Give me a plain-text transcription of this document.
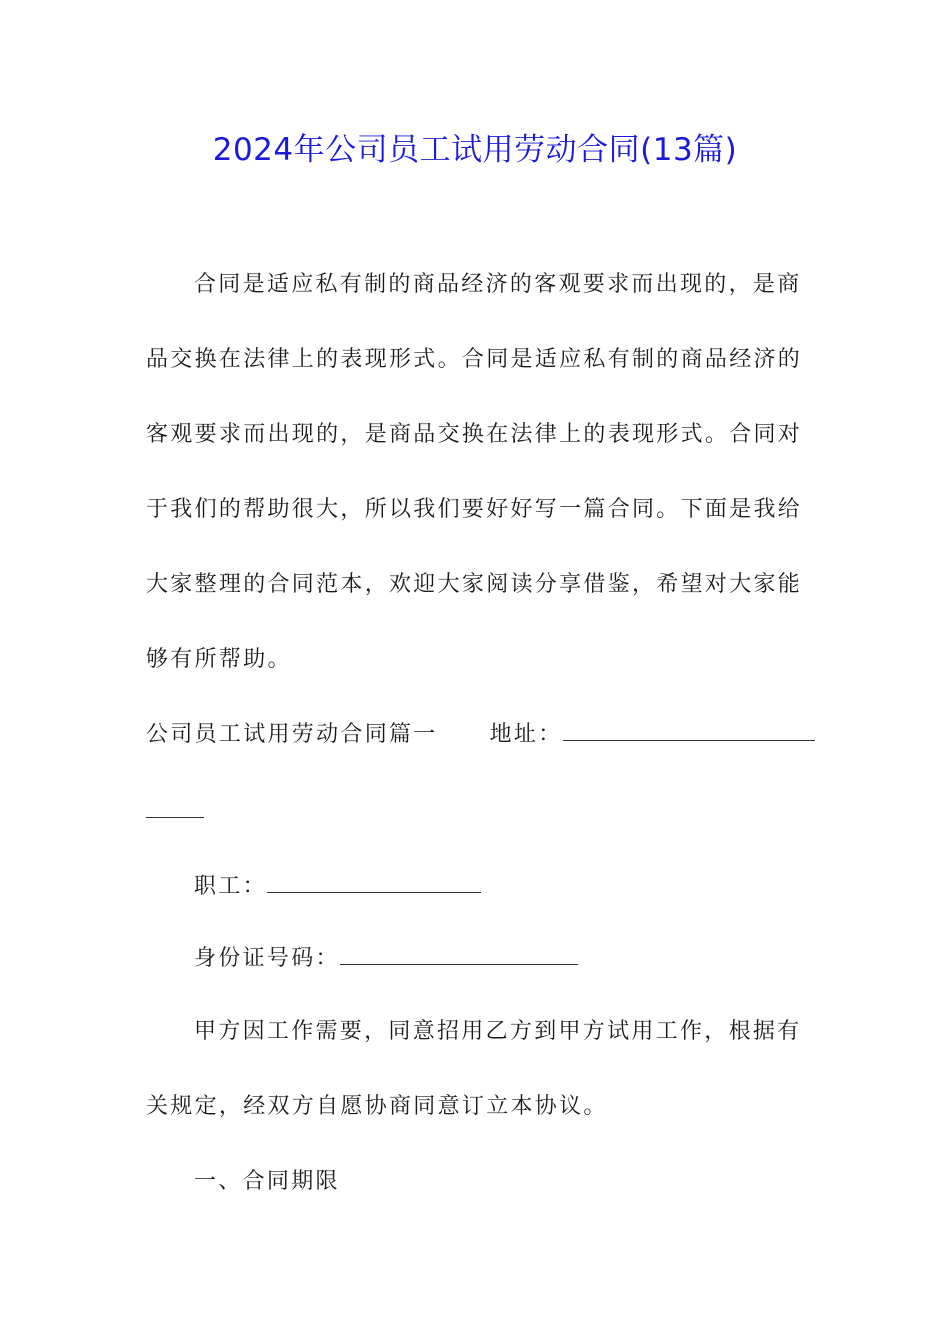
2024年公司员工试用劳动合同(13篇)
合同是适应私有制的商品经济的客观要求而出现的，是商
品交换在法律上的表现形式。合同是适应私有制的商品经济的
客观要求而出现的，是商品交换在法律上的表现形式。合同对
于我们的帮助很大，所以我们要好好写一篇合同。下面是我给
大家整理的合同范本，欢迎大家阅读分享借鉴，希望对大家能
够有所帮助。
公司员工试用劳动合同篇一 地址：
职工：
身份证号码：
甲方因工作需要，同意招用乙方到甲方试用工作，根据有
关规定，经双方自愿协商同意订立本协议。
一、合同期限
